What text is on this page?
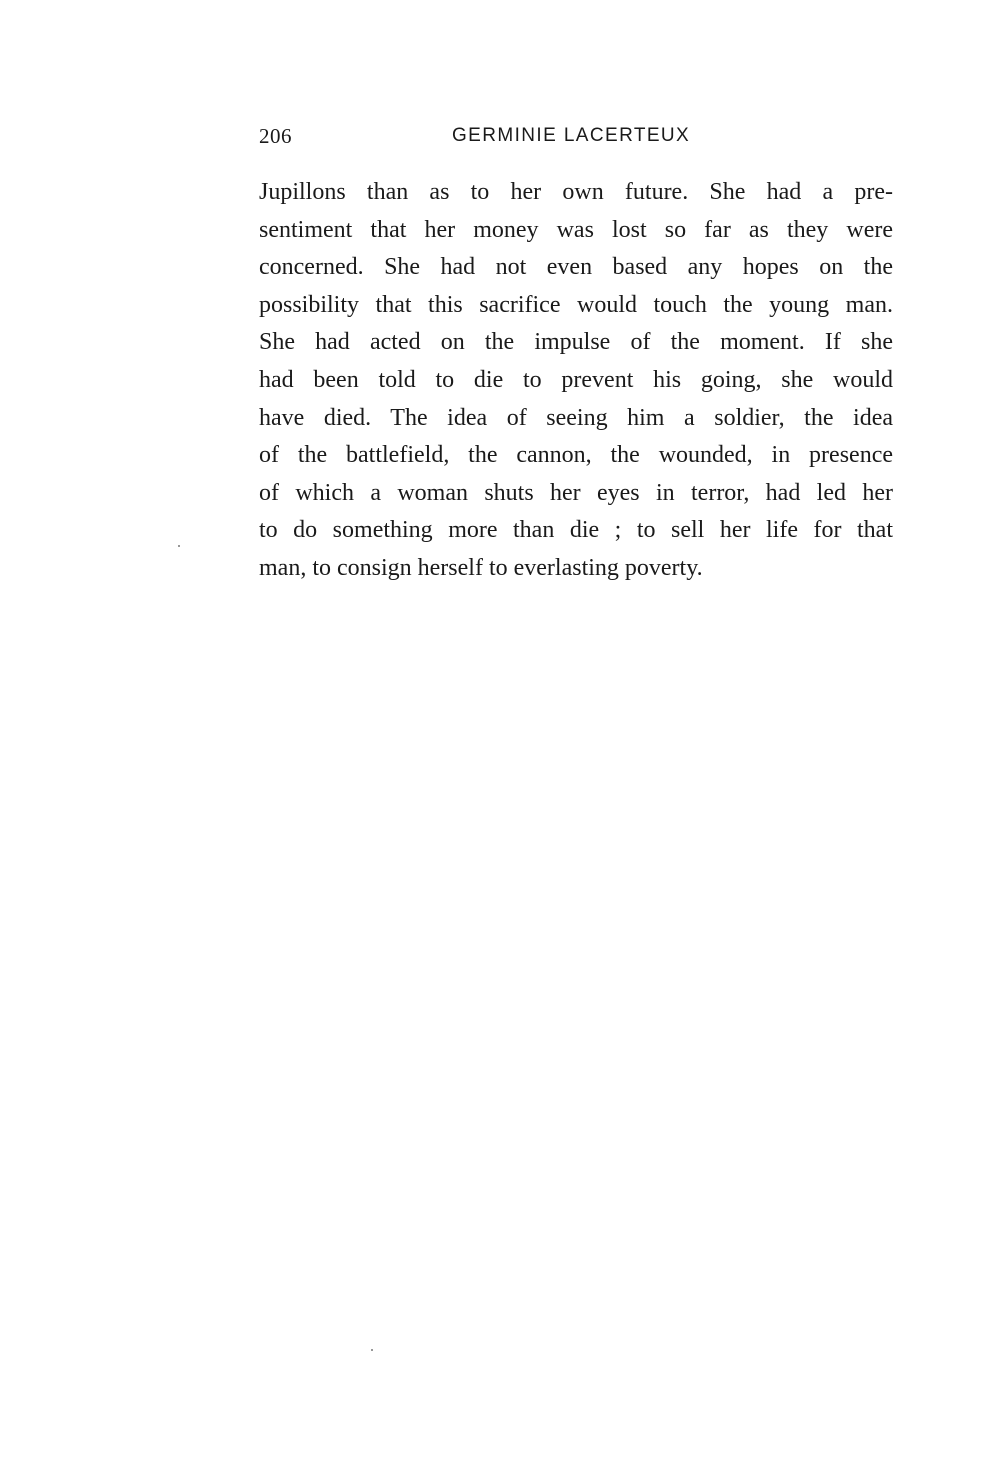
206	GERMINIE LACERTEUX
Jupillons than as to her own future. She had a pre-
sentiment that her money was lost so far as they were
concerned. She had not even based any hopes on the
possibility that this sacrifice would touch the young man.
She had acted on the impulse of the moment. If she
had been told to die to prevent his going, she would
have died. The idea of seeing him a soldier, the idea
of the battlefield, the cannon, the wounded, in presence
of which a woman shuts her eyes in terror, had led her
to do something more than die ; to sell her life for that
man, to consign herself to everlasting poverty.
